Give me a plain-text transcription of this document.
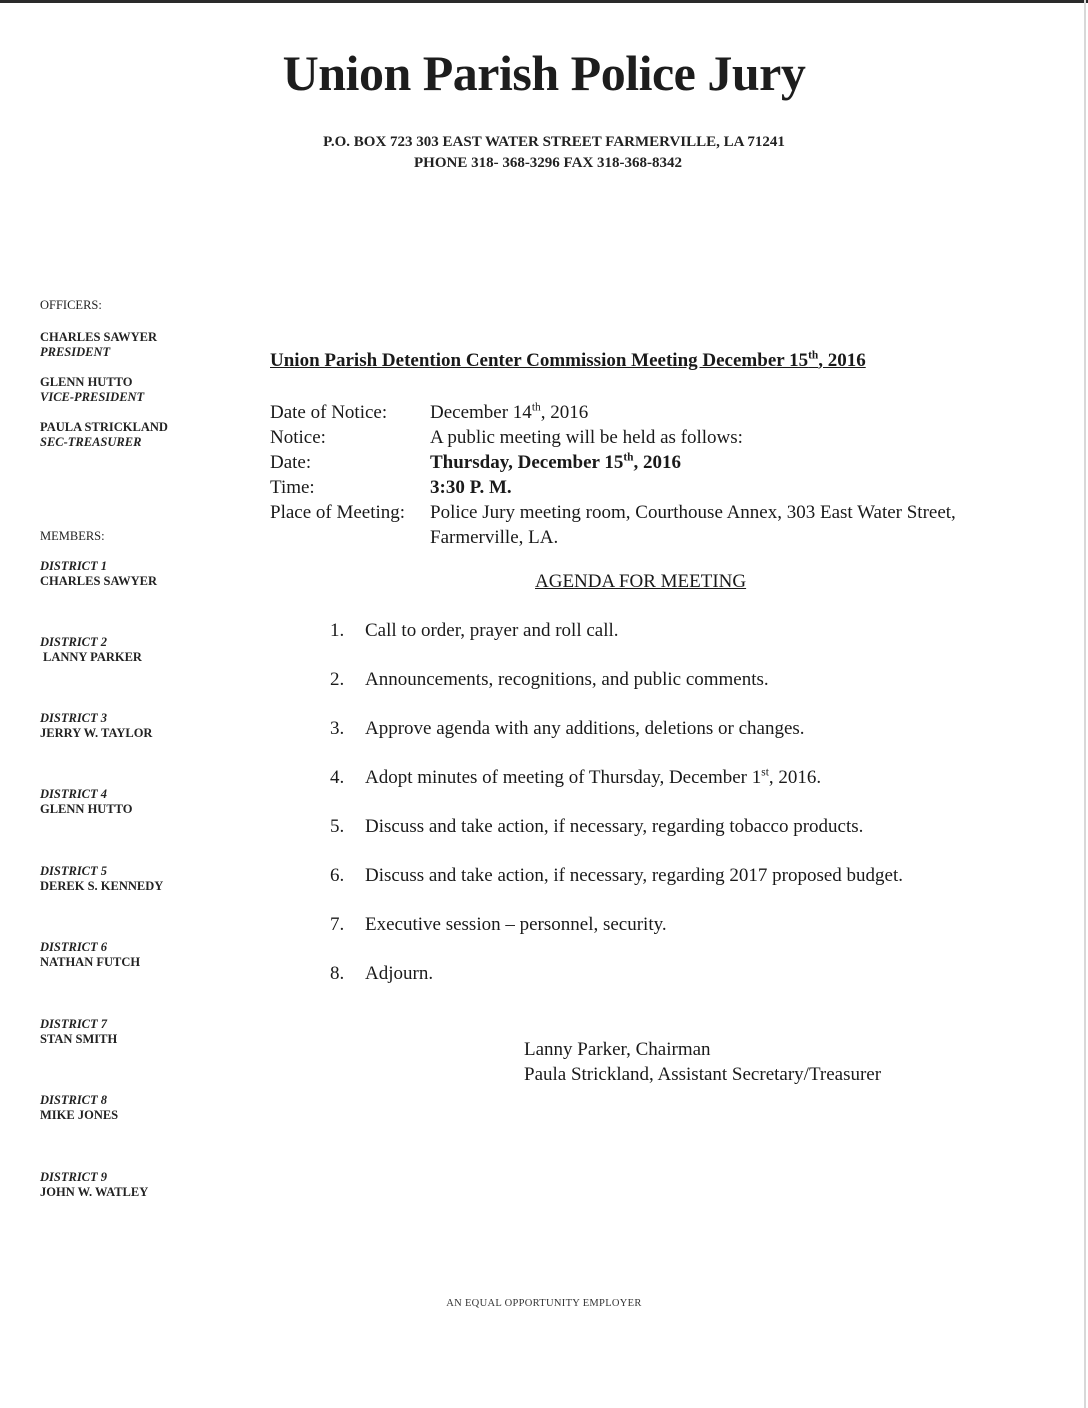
Union Parish Police Jury
P.O. BOX 723 303 EAST WATER STREET FARMERVILLE, LA 71241
PHONE 318- 368-3296 FAX 318-368-8342
OFFICERS:
CHARLES SAWYER
PRESIDENT
GLENN HUTTO
VICE-PRESIDENT
PAULA STRICKLAND
SEC-TREASURER
MEMBERS:
DISTRICT 1
CHARLES SAWYER
DISTRICT 2
LANNY PARKER
DISTRICT 3
JERRY W. TAYLOR
DISTRICT 4
GLENN HUTTO
DISTRICT 5
DEREK S. KENNEDY
DISTRICT 6
NATHAN FUTCH
DISTRICT 7
STAN SMITH
DISTRICT 8
MIKE JONES
DISTRICT 9
JOHN W. WATLEY
Union Parish Detention Center Commission Meeting December 15th, 2016
Date of Notice:	December 14th, 2016
Notice:	A public meeting will be held as follows:
Date:	Thursday, December 15th, 2016
Time:	3:30 P. M.
Place of Meeting:	Police Jury meeting room, Courthouse Annex, 303 East Water Street, Farmerville, LA.
AGENDA FOR MEETING
1.	Call to order, prayer and roll call.
2.	Announcements, recognitions, and public comments.
3.	Approve agenda with any additions, deletions or changes.
4.	Adopt minutes of meeting of Thursday, December 1st, 2016.
5.	Discuss and take action, if necessary, regarding tobacco products.
6.	Discuss and take action, if necessary, regarding 2017 proposed budget.
7.	Executive session – personnel, security.
8.	Adjourn.
Lanny Parker, Chairman
Paula Strickland, Assistant Secretary/Treasurer
AN EQUAL OPPORTUNITY EMPLOYER
